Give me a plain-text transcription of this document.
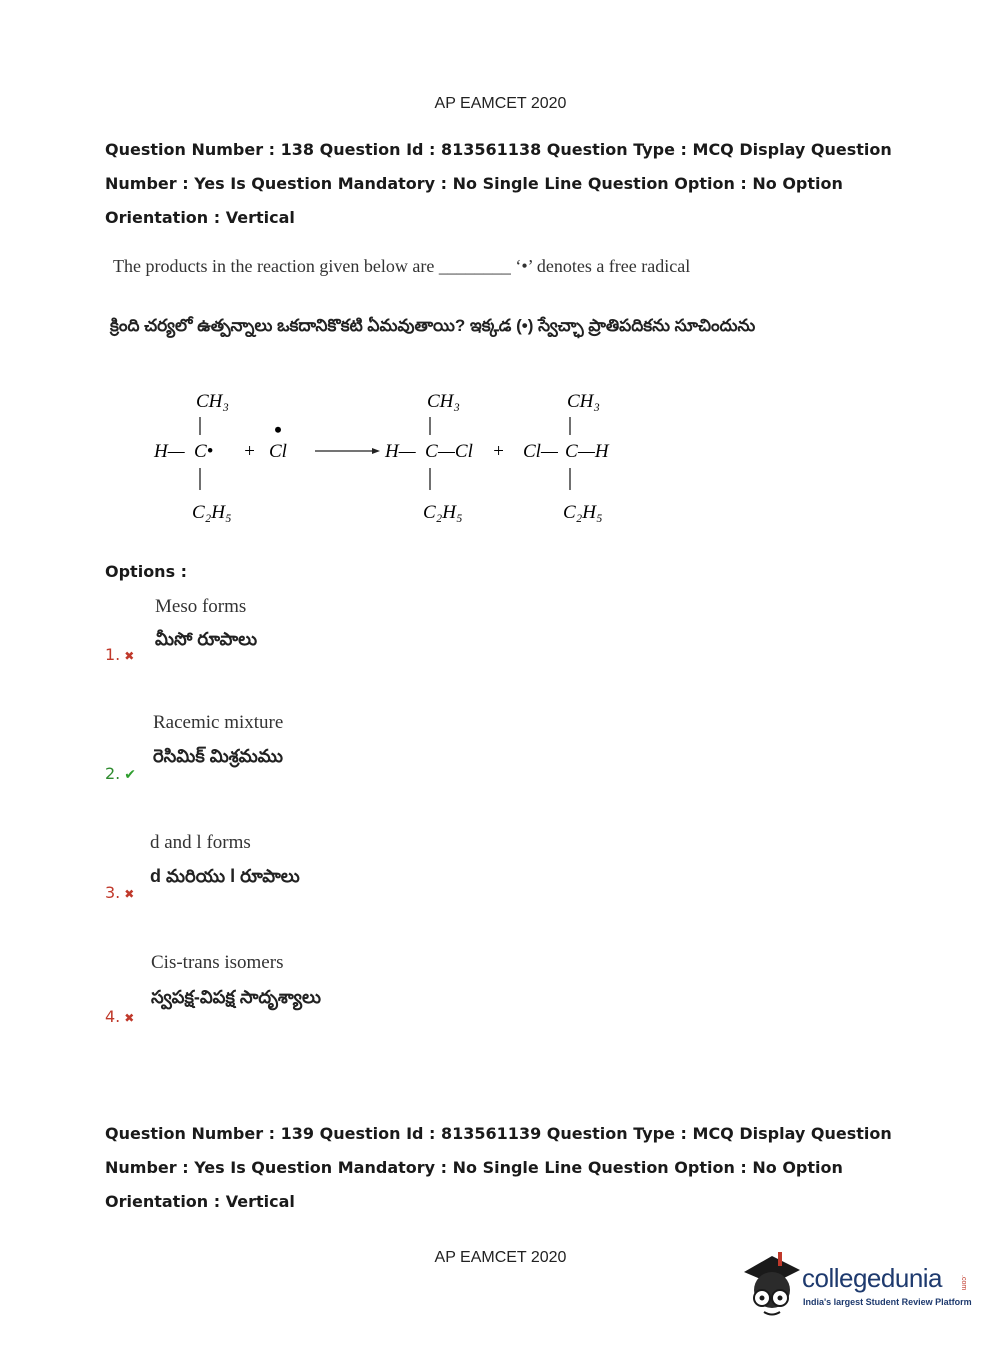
AP EAMCET 2020
Question Number : 138 Question Id : 813561138 Question Type : MCQ Display Question
Number : Yes Is Question Mandatory : No Single Line Question Option : No Option
Orientation : Vertical
The products in the reaction given below are ________ ‘•’ denotes a free radical
క్రింది చర్యలో ఉత్పన్నాలు ఒకదానికొకటి ఏమవుతాయి? ఇక్కడ (•) స్వేచ్ఛా ప్రాతిపదికను సూచిందును
CH₃
H— C•
C₂H₅
+
•
Cl
CH₃
H— C —Cl
C₂H₅
+
CH₃
Cl— C —H
C₂H₅
Options :
Meso forms
మీసో రూపాలు
1. ✖
Racemic mixture
రెసిమిక్ మిశ్రమము
2. ✔
d and l forms
d మరియు l రూపాలు
3. ✖
Cis-trans isomers
స్వపక్ష-విపక్ష సాదృశ్యాలు
4. ✖
Question Number : 139 Question Id : 813561139 Question Type : MCQ Display Question
Number : Yes Is Question Mandatory : No Single Line Question Option : No Option
Orientation : Vertical
AP EAMCET 2020
collegedunia	.com
India's largest Student Review Platform
